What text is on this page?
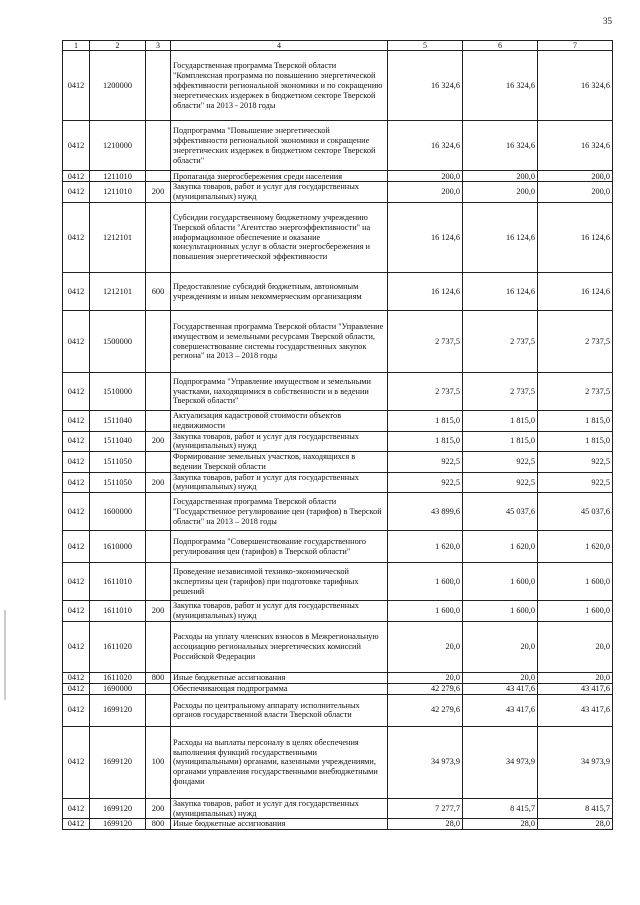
35
1	2	3	4	5	6	7
0412	1200000		Государственная программа Тверской области "Комплексная программа по повышению энергетической эффективности региональной экономики и по сокращению энергетических издержек в бюджетном секторе Тверской области" на 2013 - 2018 годы	16 324,6	16 324,6	16 324,6
0412	1210000		Подпрограмма "Повышение энергетической эффективности региональной экономики и сокращение энергетических издержек в бюджетном секторе Тверской области"	16 324,6	16 324,6	16 324,6
0412	1211010		Пропаганда энергосбережения среди населения	200,0	200,0	200,0
0412	1211010	200	Закупка товаров, работ и услуг для государственных (муниципальных) нужд	200,0	200,0	200,0
0412	1212101		Субсидии государственному бюджетному учреждению Тверской области "Агентство энергоэффективности" на информационное обеспечение и оказание консультационных услуг в области энергосбережения и повышения энергетической эффективности	16 124,6	16 124,6	16 124,6
0412	1212101	600	Предоставление субсидий бюджетным, автономным учреждениям и иным некоммерческим организациям	16 124,6	16 124,6	16 124,6
0412	1500000		Государственная программа Тверской области "Управление имуществом и земельными ресурсами Тверской области, совершенствование системы государственных закупок региона" на 2013 – 2018 годы	2 737,5	2 737,5	2 737,5
0412	1510000		Подпрограмма "Управление имуществом и земельными участками, находящимися в собственности и в ведении Тверской области"	2 737,5	2 737,5	2 737,5
0412	1511040		Актуализация кадастровой стоимости объектов недвижимости	1 815,0	1 815,0	1 815,0
0412	1511040	200	Закупка товаров, работ и услуг для государственных (муниципальных) нужд	1 815,0	1 815,0	1 815,0
0412	1511050		Формирование земельных участков, находящихся в ведении Тверской области	922,5	922,5	922,5
0412	1511050	200	Закупка товаров, работ и услуг для государственных (муниципальных) нужд	922,5	922,5	922,5
0412	1600000		Государственная программа Тверской области "Государственное регулирование цен (тарифов) в Тверской области" на 2013 – 2018 годы	43 899,6	45 037,6	45 037,6
0412	1610000		Подпрограмма "Совершенствование государственного регулирования цен (тарифов) в Тверской области"	1 620,0	1 620,0	1 620,0
0412	1611010		Проведение независимой технико-экономической экспертизы цен (тарифов) при подготовке тарифных решений	1 600,0	1 600,0	1 600,0
0412	1611010	200	Закупка товаров, работ и услуг для государственных (муниципальных) нужд	1 600,0	1 600,0	1 600,0
0412	1611020		Расходы на уплату членских взносов в Межрегиональную ассоциацию региональных энергетических комиссий Российской Федерации	20,0	20,0	20,0
0412	1611020	800	Иные бюджетные ассигнования	20,0	20,0	20,0
0412	1690000		Обеспечивающая подпрограмма	42 279,6	43 417,6	43 417,6
0412	1699120		Расходы по центральному аппарату исполнительных органов государственной власти Тверской области	42 279,6	43 417,6	43 417,6
0412	1699120	100	Расходы на выплаты персоналу в целях обеспечения выполнения функций государственными (муниципальными) органами, казенными учреждениями, органами управления государственными внебюджетными фондами	34 973,9	34 973,9	34 973,9
0412	1699120	200	Закупка товаров, работ и услуг для государственных (муниципальных) нужд	7 277,7	8 415,7	8 415,7
0412	1699120	800	Иные бюджетные ассигнования	28,0	28,0	28,0
